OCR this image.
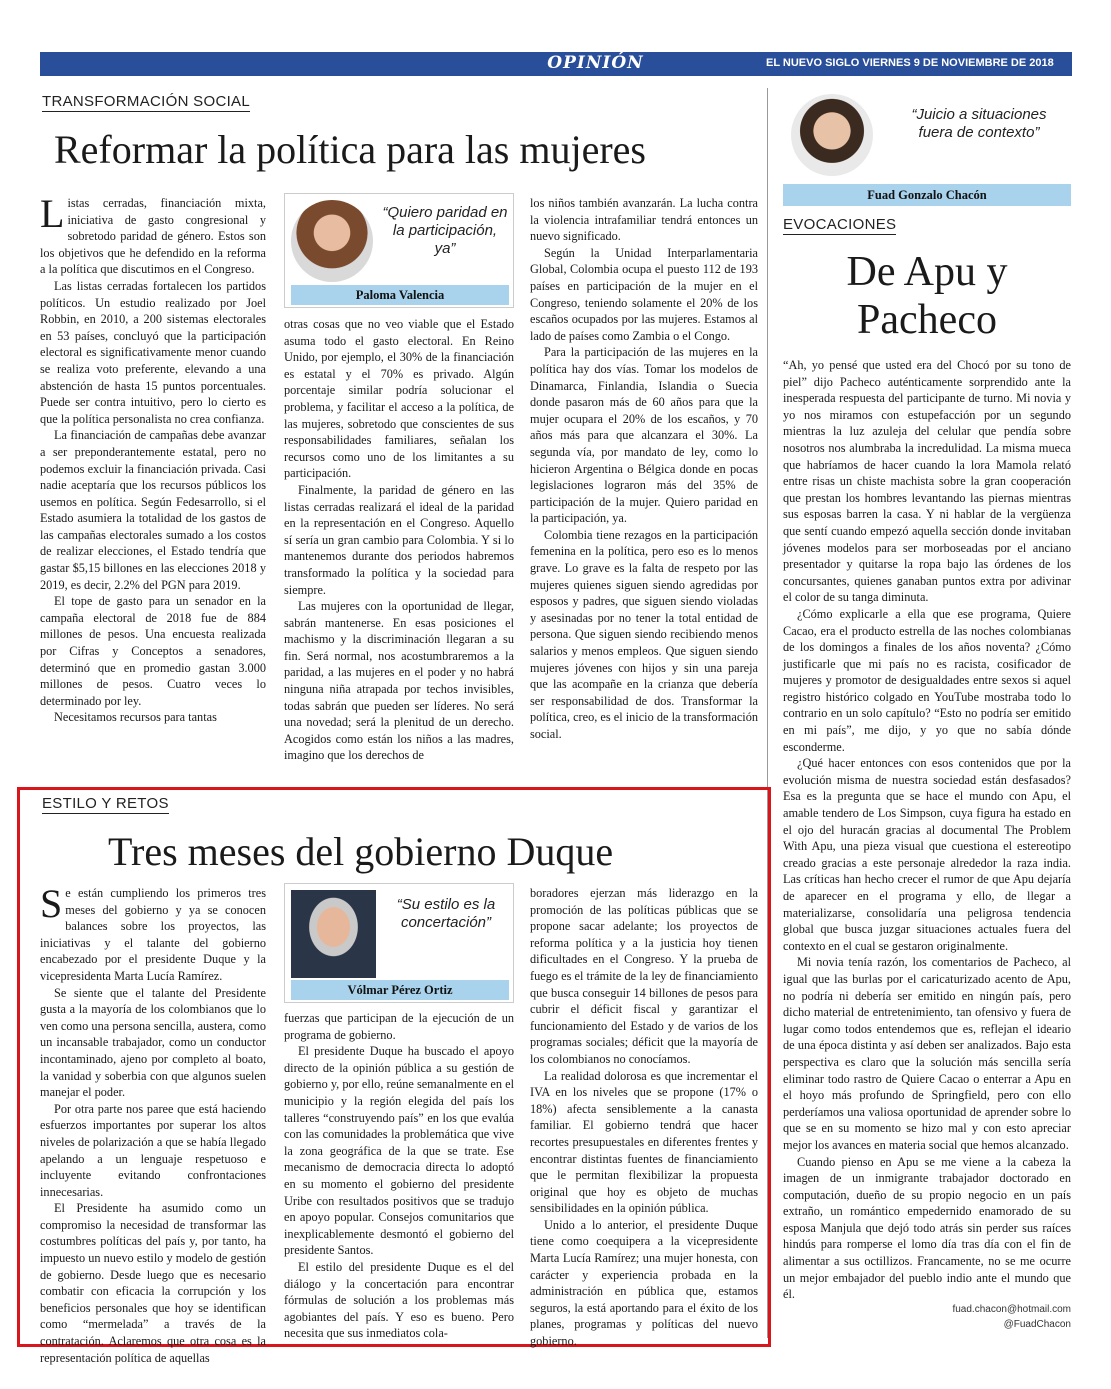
OPINIÓN	EL NUEVO SIGLO VIERNES 9 DE NOVIEMBRE DE 2018 9A
TRANSFORMACIÓN SOCIAL
Reformar la política para las mujeres

Listas cerradas, financiación mixta, iniciativa de gasto congresional y sobretodo paridad de género. Estos son los objetivos que he defendido en la reforma a la política que discutimos en el Congreso.

Las listas cerradas fortalecen los partidos políticos. Un estudio realizado por Joel Robbin, en 2010, a 200 sistemas electorales en 53 países, concluyó que la participación electoral es significativamente menor cuando se realiza voto preferente, elevando a una abstención de hasta 15 puntos porcentuales. Puede ser contra intuitivo, pero lo cierto es que la política personalista no crea confianza.

La financiación de campañas debe avanzar a ser preponderantemente estatal, pero no podemos excluir la financiación privada. Casi nadie aceptaría que los recursos públicos los usemos en política. Según Fedesarrollo, si el Estado asumiera la totalidad de los gastos de las campañas electorales sumado a los costos de realizar elecciones, el Estado tendría que gastar $5,15 billones en las elecciones 2018 y 2019, es decir, 2.2% del PGN para 2019.

El tope de gasto para un senador en la campaña electoral de 2018 fue de 884 millones de pesos. Una encuesta realizada por Cifras y Conceptos a senadores, determinó que en promedio gastan 3.000 millones de pesos. Cuatro veces lo determinado por ley.

Necesitamos recursos para tantas

“Quiero paridad en la participación, ya”
Paloma Valencia

otras cosas que no veo viable que el Estado asuma todo el gasto electoral. En Reino Unido, por ejemplo, el 30% de la financiación es estatal y el 70% es privado. Algún porcentaje similar podría solucionar el problema, y facilitar el acceso a la política, de las mujeres, sobretodo que conscientes de sus responsabilidades familiares, señalan los recursos como uno de los limitantes a su participación.

Finalmente, la paridad de género en las listas cerradas realizará el ideal de la paridad en la representación en el Congreso. Aquello sí sería un gran cambio para Colombia. Y si lo mantenemos durante dos periodos habremos transformado la política y la sociedad para siempre.

Las mujeres con la oportunidad de llegar, sabrán mantenerse. En esas posiciones el machismo y la discriminación llegaran a su fin. Será normal, nos acostumbraremos a la paridad, a las mujeres en el poder y no habrá ninguna niña atrapada por techos invisibles, todas sabrán que pueden ser líderes. No será una novedad; será la plenitud de un derecho. Acogidos como están los niños a las madres, imagino que los derechos de

los niños también avanzarán. La lucha contra la violencia intrafamiliar tendrá entonces un nuevo significado.

Según la Unidad Interparlamentaria Global, Colombia ocupa el puesto 112 de 193 países en participación de la mujer en el Congreso, teniendo solamente el 20% de los escaños ocupados por las mujeres. Estamos al lado de países como Zambia o el Congo.

Para la participación de las mujeres en la política hay dos vías. Tomar los modelos de Dinamarca, Finlandia, Islandia o Suecia donde pasaron más de 60 años para que la mujer ocupara el 20% de los escaños, y 70 años más para que alcanzara el 30%. La segunda vía, por mandato de ley, como lo hicieron Argentina o Bélgica donde en pocas legislaciones lograron más del 35% de participación de la mujer. Quiero paridad en la participación, ya.

Colombia tiene rezagos en la participación femenina en la política, pero eso es lo menos grave. Lo grave es la falta de respeto por las mujeres quienes siguen siendo agredidas por esposos y padres, que siguen siendo violadas y asesinadas por no tener la total entidad de persona. Que siguen siendo recibiendo menos salarios y menos empleos. Que siguen siendo mujeres jóvenes con hijos y sin una pareja que las acompañe en la crianza que debería ser responsabilidad de dos. Transformar la política, creo, es el inicio de la transformación social.

ESTILO Y RETOS
Tres meses del gobierno Duque

Se están cumpliendo los primeros tres meses del gobierno y ya se conocen balances sobre los proyectos, las iniciativas y el talante del gobierno encabezado por el presidente Duque y la vicepresidenta Marta Lucía Ramírez.

Se siente que el talante del Presidente gusta a la mayoría de los colombianos que lo ven como una persona sencilla, austera, como un incansable trabajador, como un conductor incontaminado, ajeno por completo al boato, la vanidad y soberbia con que algunos suelen manejar el poder.

Por otra parte nos paree que está haciendo esfuerzos importantes por superar los altos niveles de polarización a que se había llegado apelando a un lenguaje respetuoso e incluyente evitando confrontaciones innecesarias.

El Presidente ha asumido como un compromiso la necesidad de transformar las costumbres políticas del país y, por tanto, ha impuesto un nuevo estilo y modelo de gestión de gobierno. Desde luego que es necesario combatir con eficacia la corrupción y los beneficios personales que hoy se identifican como “mermelada” a través de la contratación. Aclaremos que otra cosa es la representación política de aquellas

“Su estilo es la concertación”
Vólmar Pérez Ortiz

fuerzas que participan de la ejecución de un programa de gobierno.

El presidente Duque ha buscado el apoyo directo de la opinión pública a su gestión de gobierno y, por ello, reúne semanalmente en el municipio y la región elegida del país los talleres “construyendo país” en los que evalúa con las comunidades la problemática que vive la zona geográfica de la que se trate. Ese mecanismo de democracia directa lo adoptó en su momento el gobierno del presidente Uribe con resultados positivos que se tradujo en apoyo popular. Consejos comunitarios que inexplicablemente desmontó el gobierno del presidente Santos.

El estilo del presidente Duque es el del diálogo y la concertación para encontrar fórmulas de solución a los problemas más agobiantes del país. Y eso es bueno. Pero necesita que sus inmediatos cola-

boradores ejerzan más liderazgo en la promoción de las políticas públicas que se propone sacar adelante; los proyectos de reforma política y a la justicia hoy tienen dificultades en el Congreso. Y la prueba de fuego es el trámite de la ley de financiamiento que busca conseguir 14 billones de pesos para cubrir el déficit fiscal y garantizar el funcionamiento del Estado y de varios de los programas sociales; déficit que la mayoría de los colombianos no conocíamos.

La realidad dolorosa es que incrementar el IVA en los niveles que se propone (17% o 18%) afecta sensiblemente a la canasta familiar. El gobierno tendrá que hacer recortes presupuestales en diferentes frentes y encontrar distintas fuentes de financiamiento que le permitan flexibilizar la propuesta original que hoy es objeto de muchas sensibilidades en la opinión pública.

Unido a lo anterior, el presidente Duque tiene como coequipera a la vicepresidente Marta Lucía Ramírez; una mujer honesta, con carácter y experiencia probada en la administración en pública que, estamos seguros, la está aportando para el éxito de los planes, programas y políticas del nuevo gobierno.

“Juicio a situaciones fuera de contexto”
Fuad Gonzalo Chacón
EVOCACIONES
De Apu y
Pacheco

“Ah, yo pensé que usted era del Chocó por su tono de piel” dijo Pacheco auténticamente sorprendido ante la inesperada respuesta del participante de turno. Mi novia y yo nos miramos con estupefacción por un segundo mientras la luz azuleja del celular que pendía sobre nosotros nos alumbraba la incredulidad. La misma mueca que habríamos de hacer cuando la lora Mamola relató entre risas un chiste machista sobre la gran cooperación que prestan los hombres levantando las piernas mientras sus esposas barren la casa. Y ni hablar de la vergüenza que sentí cuando empezó aquella sección donde invitaban jóvenes modelos para ser morboseadas por el anciano presentador y quitarse la ropa bajo las órdenes de los concursantes, quienes ganaban puntos extra por adivinar el color de su tanga diminuta.

¿Cómo explicarle a ella que ese programa, Quiere Cacao, era el producto estrella de las noches colombianas de los domingos a finales de los años noventa? ¿Cómo justificarle que mi país no es racista, cosificador de mujeres y promotor de desigualdades entre sexos si aquel registro histórico colgado en YouTube mostraba todo lo contrario en un solo capítulo? “Esto no podría ser emitido en mi país”, me dijo, y yo que no sabía dónde esconderme.

¿Qué hacer entonces con esos contenidos que por la evolución misma de nuestra sociedad están desfasados? Esa es la pregunta que se hace el mundo con Apu, el amable tendero de Los Simpson, cuya figura ha estado en el ojo del huracán gracias al documental The Problem With Apu, una pieza visual que cuestiona el estereotipo creado gracias a este personaje alrededor la raza india. Las críticas han hecho crecer el rumor de que Apu dejaría de aparecer en el programa y ello, de llegar a materializarse, consolidaría una peligrosa tendencia global que busca juzgar situaciones actuales fuera del contexto en el cual se gestaron originalmente.

Mi novia tenía razón, los comentarios de Pacheco, al igual que las burlas por el caricaturizado acento de Apu, no podría ni debería ser emitido en ningún país, pero dicho material de entretenimiento, tan ofensivo y fuera de lugar como todos entendemos que es, reflejan el ideario de una época distinta y así deben ser analizados. Bajo esta perspectiva es claro que la solución más sencilla sería eliminar todo rastro de Quiere Cacao o enterrar a Apu en el hoyo más profundo de Springfield, pero con ello perderíamos una valiosa oportunidad de aprender sobre lo que se en su momento se hizo mal y con esto apreciar mejor los avances en materia social que hemos alcanzado.

Cuando pienso en Apu se me viene a la cabeza la imagen de un inmigrante trabajador doctorado en computación, dueño de su propio negocio en un país extraño, un romántico empedernido enamorado de su esposa Manjula que dejó todo atrás sin perder sus raíces hindús para romperse el lomo día tras día con el fin de alimentar a sus octillizos. Francamente, no se me ocurre un mejor embajador del pueblo indio ante el mundo que él.

fuad.chacon@hotmail.com
@FuadChacon
